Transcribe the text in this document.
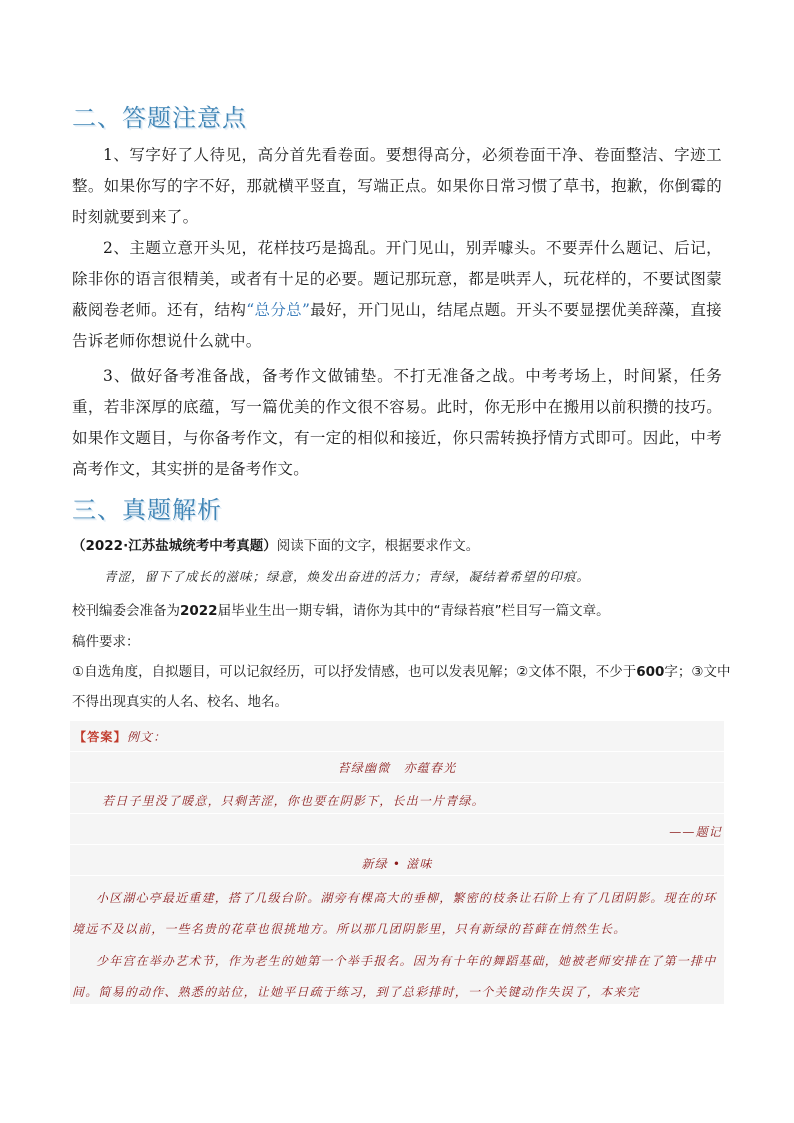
二、答题注意点
1、写字好了人待见，高分首先看卷面。要想得高分，必须卷面干净、卷面整洁、字迹工整。如果你写的字不好，那就横平竖直，写端正点。如果你日常习惯了草书，抱歉，你倒霉的时刻就要到来了。
2、主题立意开头见，花样技巧是捣乱。开门见山，别弄噱头。不要弄什么题记、后记，除非你的语言很精美，或者有十足的必要。题记那玩意，都是哄弄人，玩花样的，不要试图蒙蔽阅卷老师。还有，结构“总分总”最好，开门见山，结尾点题。开头不要显摆优美辞藻，直接告诉老师你想说什么就中。
3、做好备考准备战，备考作文做铺垫。不打无准备之战。中考考场上，时间紧，任务重，若非深厚的底蕴，写一篇优美的作文很不容易。此时，你无形中在搬用以前积攒的技巧。如果作文题目，与你备考作文，有一定的相似和接近，你只需转换抒情方式即可。因此，中考高考作文，其实拼的是备考作文。
三、真题解析
（2022·江苏盐城统考中考真题）阅读下面的文字，根据要求作文。
青涩，留下了成长的滋味；绿意，焕发出奋进的活力；青绿，凝结着希望的印痕。
校刊编委会准备为2022届毕业生出一期专辑，请你为其中的“青绿苔痕”栏目写一篇文章。
稿件要求：
①自选角度，自拟题目，可以记叙经历，可以抒发情感，也可以发表见解；②文体不限，不少于600字；③文中不得出现真实的人名、校名、地名。
【答案】例文：
苔绿幽微　亦蕴春光
若日子里没了暖意，只剩苦涩，你也要在阴影下，长出一片青绿。
——题记
新绿 • 滋味
小区湖心亭最近重建，搭了几级台阶。湖旁有棵高大的垂柳，繁密的枝条让石阶上有了几团阴影。现在的环境远不及以前，一些名贵的花草也很挑地方。所以那几团阴影里，只有新绿的苔藓在悄然生长。
少年宫在举办艺术节，作为老生的她第一个举手报名。因为有十年的舞蹈基础，她被老师安排在了第一排中间。简易的动作、熟悉的站位，让她平日疏于练习，到了总彩排时，一个关键动作失误了，本来完
